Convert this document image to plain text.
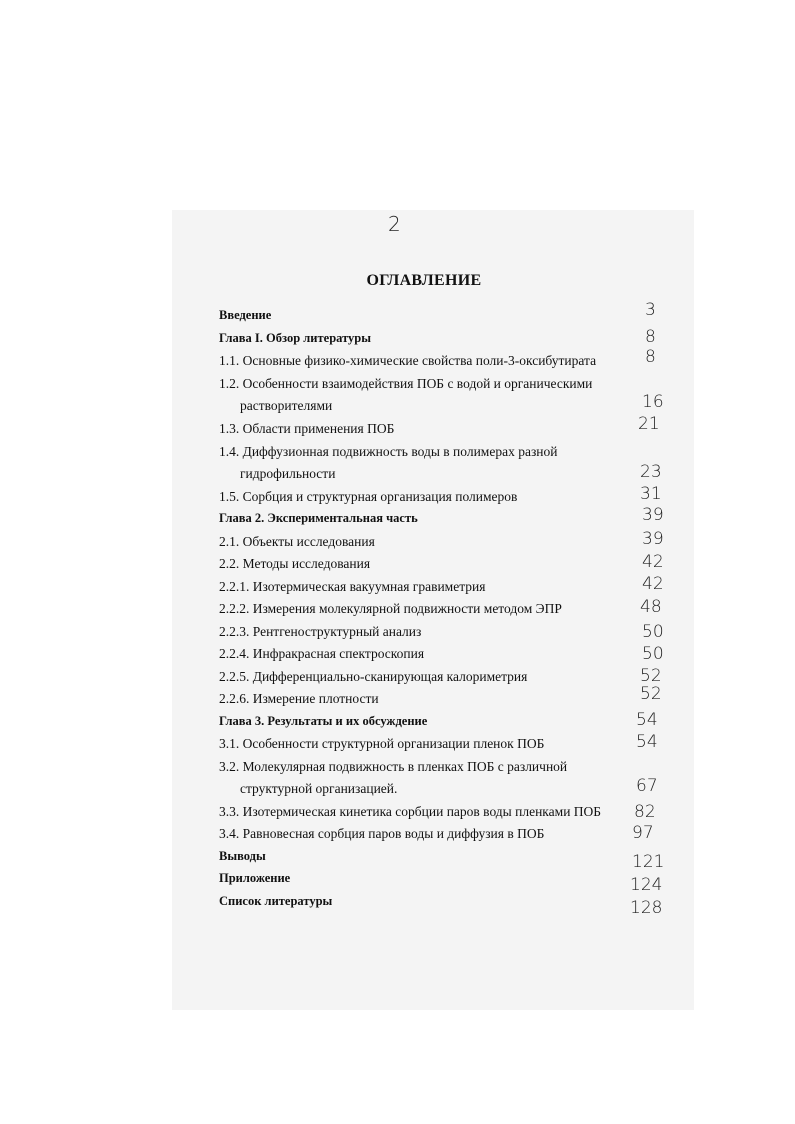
2
ОГЛАВЛЕНИЕ
Введение	3
Глава I. Обзор литературы	8
1.1. Основные физико-химические свойства поли-3-оксибутирата	8
1.2. Особенности взаимодействия ПОБ с водой и органическими
растворителями	16
1.3. Области применения ПОБ	21
1.4. Диффузионная подвижность воды в полимерах разной
гидрофильности	23
1.5. Сорбция и структурная организация полимеров	31
Глава 2. Экспериментальная часть	39
2.1. Объекты исследования	39
2.2. Методы исследования	42
2.2.1. Изотермическая вакуумная гравиметрия	42
2.2.2. Измерения молекулярной подвижности методом ЭПР	48
2.2.3. Рентгеноструктурный анализ	50
2.2.4. Инфракрасная спектроскопия	50
2.2.5. Дифференциально-сканирующая калориметрия	52
2.2.6. Измерение плотности	52
Глава 3. Результаты и их обсуждение	54
3.1. Особенности структурной организации пленок ПОБ	54
3.2. Молекулярная подвижность в пленках ПОБ с различной
структурной организацией.	67
3.3. Изотермическая кинетика сорбции паров воды пленками ПОБ 82
3.4. Равновесная сорбция паров воды и диффузия в ПОБ	97
Выводы	121
Приложение	124
Список литературы	128
